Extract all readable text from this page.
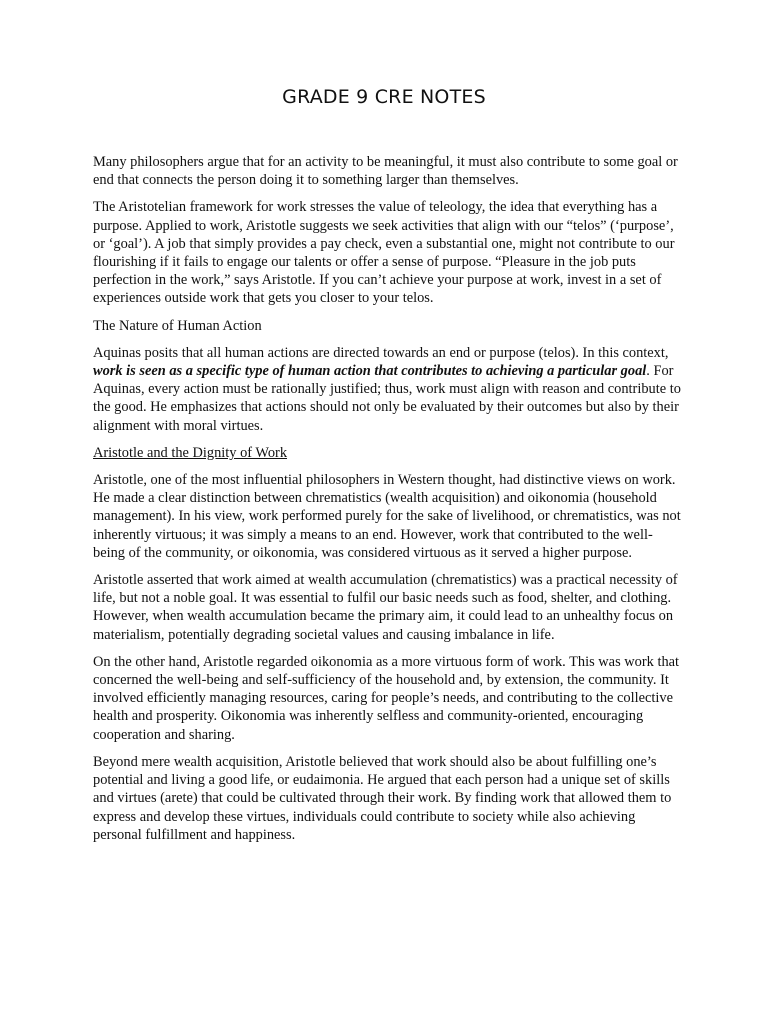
GRADE 9 CRE NOTES

Many philosophers argue that for an activity to be meaningful, it must also contribute to some goal or end that connects the person doing it to something larger than themselves.

The Aristotelian framework for work stresses the value of teleology, the idea that everything has a purpose. Applied to work, Aristotle suggests we seek activities that align with our “telos” (‘purpose’, or ‘goal’). A job that simply provides a pay check, even a substantial one, might not contribute to our flourishing if it fails to engage our talents or offer a sense of purpose. “Pleasure in the job puts perfection in the work,” says Aristotle. If you can’t achieve your purpose at work, invest in a set of experiences outside work that gets you closer to your telos.

The Nature of Human Action

Aquinas posits that all human actions are directed towards an end or purpose (telos). In this context, work is seen as a specific type of human action that contributes to achieving a particular goal. For Aquinas, every action must be rationally justified; thus, work must align with reason and contribute to the good. He emphasizes that actions should not only be evaluated by their outcomes but also by their alignment with moral virtues.

Aristotle and the Dignity of Work

Aristotle, one of the most influential philosophers in Western thought, had distinctive views on work. He made a clear distinction between chrematistics (wealth acquisition) and oikonomia (household management). In his view, work performed purely for the sake of livelihood, or chrematistics, was not inherently virtuous; it was simply a means to an end. However, work that contributed to the well-being of the community, or oikonomia, was considered virtuous as it served a higher purpose.

Aristotle asserted that work aimed at wealth accumulation (chrematistics) was a practical necessity of life, but not a noble goal. It was essential to fulfil our basic needs such as food, shelter, and clothing. However, when wealth accumulation became the primary aim, it could lead to an unhealthy focus on materialism, potentially degrading societal values and causing imbalance in life.

On the other hand, Aristotle regarded oikonomia as a more virtuous form of work. This was work that concerned the well-being and self-sufficiency of the household and, by extension, the community. It involved efficiently managing resources, caring for people’s needs, and contributing to the collective health and prosperity. Oikonomia was inherently selfless and community-oriented, encouraging cooperation and sharing.

Beyond mere wealth acquisition, Aristotle believed that work should also be about fulfilling one’s potential and living a good life, or eudaimonia. He argued that each person had a unique set of skills and virtues (arete) that could be cultivated through their work. By finding work that allowed them to express and develop these virtues, individuals could contribute to society while also achieving personal fulfillment and happiness.
